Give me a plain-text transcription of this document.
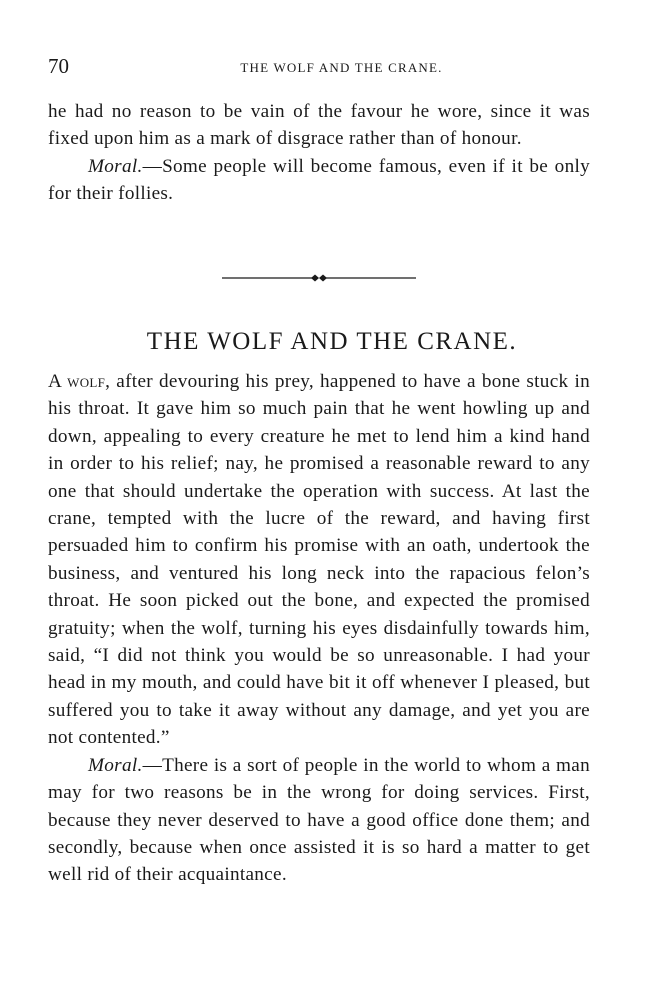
70	THE WOLF AND THE CRANE.

he had no reason to be vain of the favour he wore, since it was fixed upon him as a mark of disgrace rather than of honour.

Moral.—Some people will become famous, even if it be only for their follies.

THE WOLF AND THE CRANE.

A wolf, after devouring his prey, happened to have a bone stuck in his throat. It gave him so much pain that he went howling up and down, appealing to every creature he met to lend him a kind hand in order to his relief; nay, he promised a reasonable reward to any one that should undertake the operation with success. At last the crane, tempted with the lucre of the reward, and having first persuaded him to confirm his promise with an oath, undertook the business, and ventured his long neck into the rapacious felon’s throat. He soon picked out the bone, and expected the promised gratuity; when the wolf, turning his eyes disdainfully towards him, said, “I did not think you would be so unreasonable. I had your head in my mouth, and could have bit it off whenever I pleased, but suffered you to take it away without any damage, and yet you are not contented.”

Moral.—There is a sort of people in the world to whom a man may for two reasons be in the wrong for doing services. First, because they never deserved to have a good office done them; and secondly, because when once assisted it is so hard a matter to get well rid of their acquaintance.
